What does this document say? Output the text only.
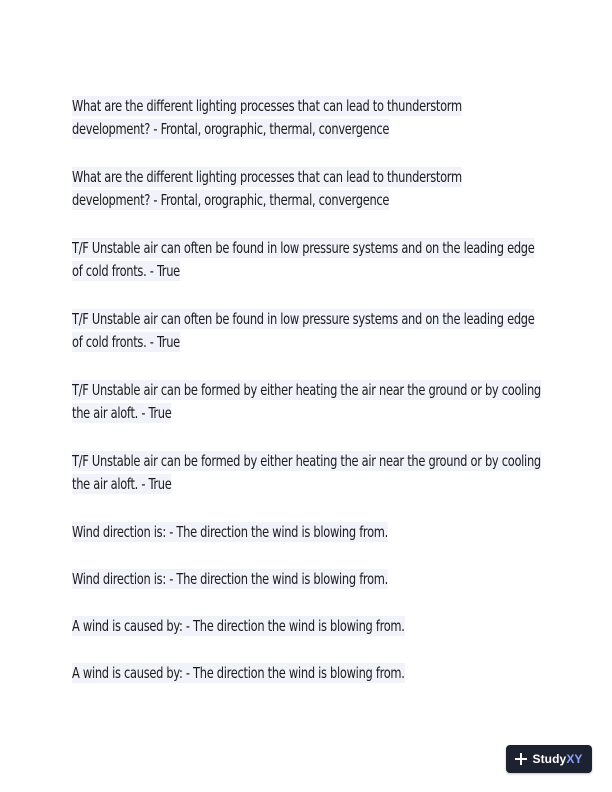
What are the different lighting processes that can lead to thunderstorm development? - Frontal, orographic, thermal, convergence

What are the different lighting processes that can lead to thunderstorm development? - Frontal, orographic, thermal, convergence

T/F Unstable air can often be found in low pressure systems and on the leading edge of cold fronts. - True

T/F Unstable air can often be found in low pressure systems and on the leading edge of cold fronts. - True

T/F Unstable air can be formed by either heating the air near the ground or by cooling the air aloft. - True

T/F Unstable air can be formed by either heating the air near the ground or by cooling the air aloft. - True

Wind direction is: - The direction the wind is blowing from.

Wind direction is: - The direction the wind is blowing from.

A wind is caused by: - The direction the wind is blowing from.

A wind is caused by: - The direction the wind is blowing from.

StudyXY
